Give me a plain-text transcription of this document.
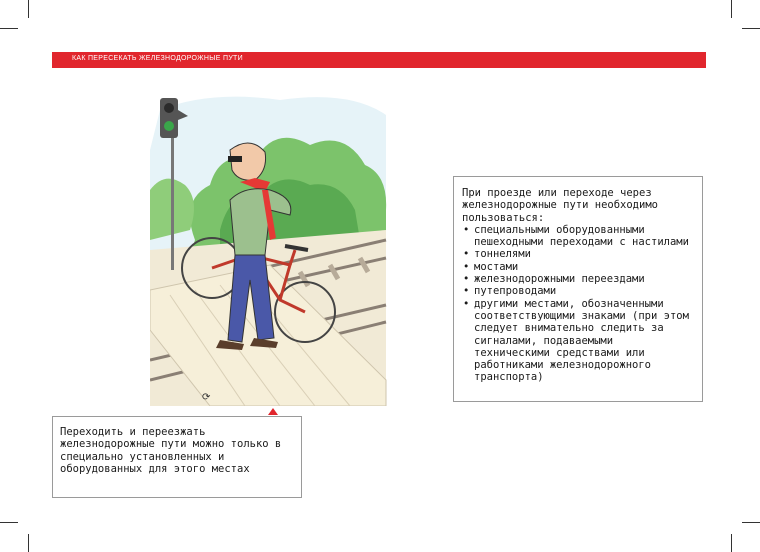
КАК ПЕРЕСЕКАТЬ ЖЕЛЕЗНОДОРОЖНЫЕ ПУТИ
⟳

При проезде или переходе через железнодорожные пути необходимо пользоваться:

• специальными оборудованными пешеходными переходами с настилами
• тоннелями
• мостами
• железнодорожными переездами
• путепроводами
• другими местами, обозначенными соответствующими знаками (при этом следует внимательно следить за сигналами, подаваемыми техническими средствами или работниками железнодорожного транспорта)
Переходить и переезжать железнодорожные пути можно только в специально установленных и оборудованных для этого местах
